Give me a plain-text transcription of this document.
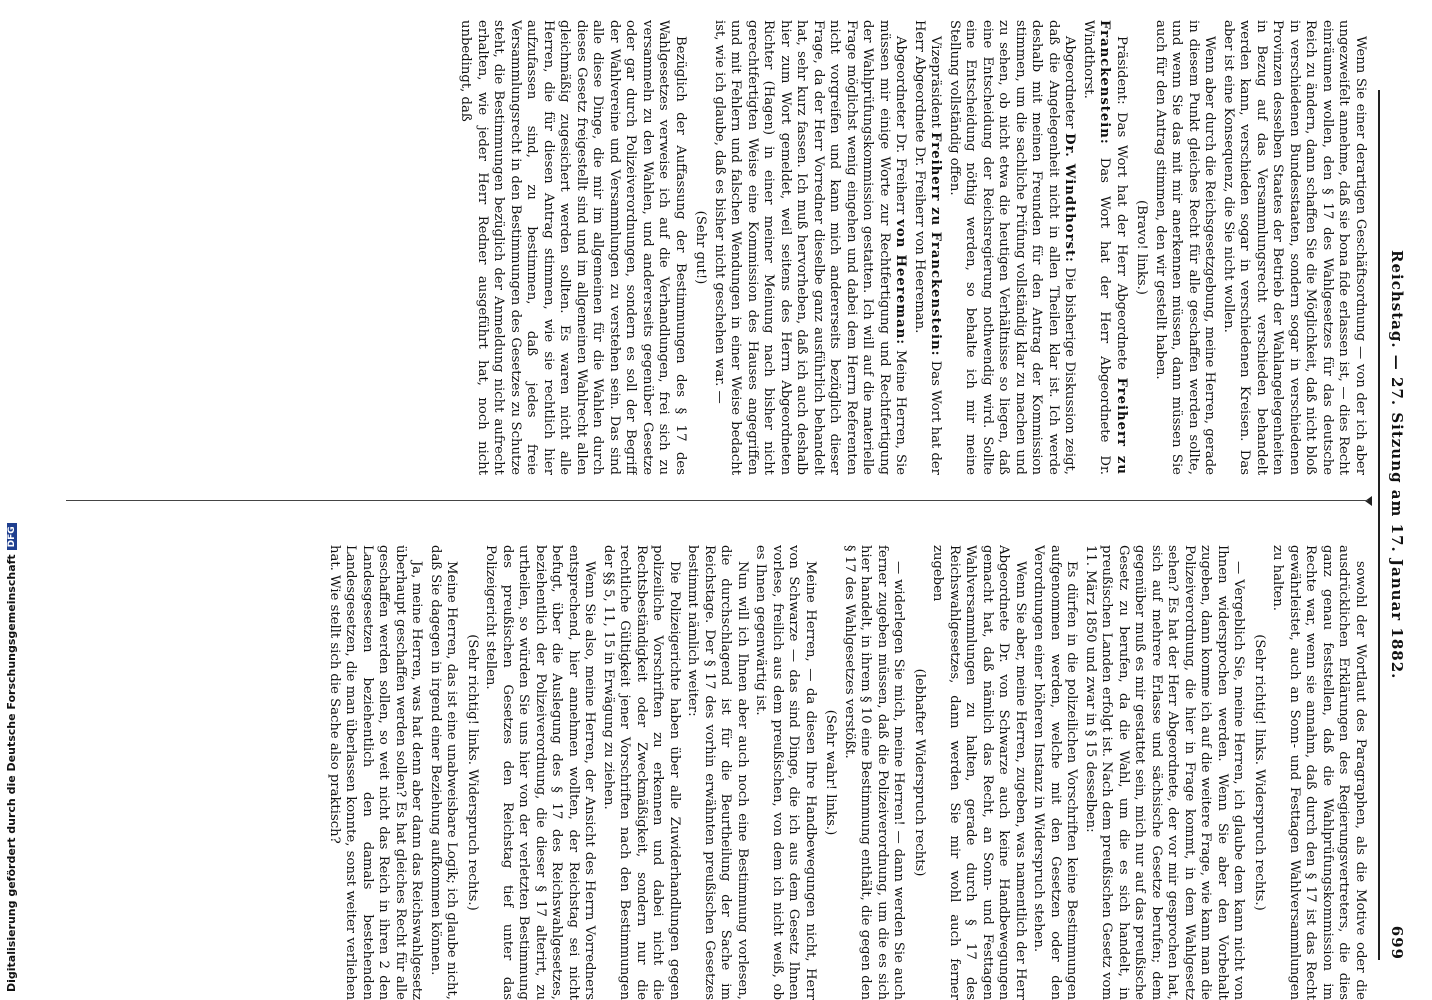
Reichstag. — 27. Sitzung am 17. Januar 1882.
699

Wenn Sie einer derartigen Geschäftsordnung — von der ich aber ungezweifelt annehme, daß sie bona fide erlassen ist, — dies Recht einräumen wollen, den § 17 des Wahlgesetzes für das deutsche Reich zu ändern, dann schaffen Sie die Möglichkeit, daß nicht bloß in verschiedenen Bundesstaaten, sondern sogar in verschiedenen Provinzen desselben Staates der Betrieb der Wahlangelegenheiten in Bezug auf das Versammlungsrecht verschieden behandelt werden kann, verschieden sogar in verschiedenen Kreisen. Das aber ist eine Konsequenz, die Sie nicht wollen.

Wenn aber durch die Reichsgesetzgebung, meine Herren, gerade in diesem Punkt gleiches Recht für alle geschaffen werden sollte, und wenn Sie das mit mir anerkennen müssen, dann müssen Sie auch für den Antrag stimmen, den wir gestellt haben.

(Bravo! links.)

Präsident: Das Wort hat der Herr Abgeordnete Freiherr zu Franckenstein: Das Wort hat der Herr Abgeordnete Dr. Windthorst.

Abgeordneter Dr. Windthorst: Die bisherige Diskussion zeigt, daß die Angelegenheit nicht in allen Theilen klar ist. Ich werde deshalb mit meinen Freunden für den Antrag der Kommission stimmen, um die sachliche Prüfung vollständig klar zu machen und zu sehen, ob nicht etwa die heutigen Verhältnisse so liegen, daß eine Entscheidung der Reichsregierung nothwendig wird. Sollte eine Entscheidung nöthig werden, so behalte ich mir meine Stellung vollständig offen.

Vizepräsident Freiherr zu Franckenstein: Das Wort hat der Herr Abgeordnete Dr. Freiherr von Heereman.

Abgeordneter Dr. Freiherr von Heereman: Meine Herren, Sie müssen mir einige Worte zur Rechtfertigung und Rechtfertigung der Wahlprüfungskommission gestatten. Ich will auf die materielle Frage möglichst wenig eingehen und dabei dem Herrn Referenten nicht vorgreifen und kann mich andererseits bezüglich dieser Frage, da der Herr Vorredner dieselbe ganz ausführlich behandelt hat, sehr kurz fassen. Ich muß hervorheben, daß ich auch deshalb hier zum Wort gemeldet, weil seitens des Herrn Abgeordneten Richter (Hagen) in einer meiner Meinung nach bisher nicht gerechtfertigten Weise eine Kommission des Hauses angegriffen und mit Fehlern und falschen Wendungen in einer Weise bedacht ist, wie ich glaube, daß es bisher nicht geschehen war. —

(Sehr gut!)

Bezüglich der Auffassung der Bestimmungen des § 17 des Wahlgesetzes verweise ich auf die Verhandlungen, frei sich zu versammeln zu den Wahlen, und andererseits gegenüber Gesetze oder gar durch Polizeiverordnungen, sondern es soll der Begriff der Wahlvereine und Versammlungen zu verstehen sein. Das sind alle diese Dinge, die mir im allgemeinen für die Wahlen durch dieses Gesetz freigestellt sind und im allgemeinen Wahlrecht allen gleichmäßig zugesichert werden sollten. Es waren nicht alle Herren, die für diesen Antrag stimmen, wie sie rechtlich hier aufzufassen sind, zu bestimmen, daß jedes freie Versammlungsrecht in den Bestimmungen des Gesetzes zu Schutze steht, die Bestimmungen bezüglich der Anmeldung nicht aufrecht erhalten, wie jeder Herr Redner ausgeführt hat, noch nicht unbedingt, daß

sowohl der Wortlaut des Paragraphen, als die Motive oder die ausdrücklichen Erklärungen des Regierungsvertreters, die dies ganz genau feststellen, daß die Wahlprüfungskommission im Rechte war, wenn sie annahm, daß durch den § 17 ist das Recht gewährleistet, auch an Sonn- und Festtagen Wahlversammlungen zu halten.

(Sehr richtig! links. Widerspruch rechts.)

— Vergeblich Sie, meine Herren, ich glaube dem kann nicht von Ihnen widersprochen werden. Wenn Sie aber den Vorbehalt zugeben, dann komme ich auf die weitere Frage, wie kann man die Polizeiverordnung, die hier in Frage kommt, in dem Wahlgesetz sehen? Es hat der Herr Abgeordnete, der vor mir gesprochen hat, sich auf mehrere Erlasse und sächsische Gesetze berufen; dem gegenüber muß es mir gestattet sein, mich nur auf das preußische Gesetz zu berufen, da die Wahl, um die es sich handelt, in preußischen Landen erfolgt ist. Nach dem preußischen Gesetz vom 11. März 1850 und zwar in § 15 desselben:

Es dürfen in die polizeilichen Vorschriften keine Bestimmungen aufgenommen werden, welche mit den Gesetzen oder den Verordnungen einer höheren Instanz in Widerspruch stehen.

Wenn Sie aber, meine Herren, zugeben, was namentlich der Herr Abgeordnete Dr. von Schwarze auch keine Handbewegungen gemacht hat, daß nämlich das Recht, an Sonn- und Festtagen Wahlversammlungen zu halten, gerade durch § 17 des Reichswahlgesetzes, dann werden Sie mir wohl auch ferner zugeben

(lebhafter Widerspruch rechts)

— widerlegen Sie mich, meine Herren! — dann werden Sie auch ferner zugeben müssen, daß die Polizeiverordnung, um die es sich hier handelt, in ihrem § 10 eine Bestimmung enthält, die gegen den § 17 des Wahlgesetzes verstößt.

(Sehr wahr! links.)

Meine Herren, — da diesen Ihre Handbewegungen nicht, Herr von Schwarze — das sind Dinge, die ich aus dem Gesetz Ihnen vorlese, freilich aus dem preußischen, von dem ich nicht weiß, ob es Ihnen gegenwärtig ist.

Nun will ich Ihnen aber auch noch eine Bestimmung vorlesen, die durchschlagend ist für die Beurtheilung der Sache im Reichstage. Der § 17 des vorhin erwähnten preußischen Gesetzes bestimmt nämlich weiter:

Die Polizeigerichte haben über alle Zuwiderhandlungen gegen polizeiliche Vorschriften zu erkennen und dabei nicht die Rechtsbeständigkeit oder Zweckmäßigkeit, sondern nur die rechtliche Gültigkeit jener Vorschriften nach den Bestimmungen der §§ 5, 11, 15 in Erwägung zu ziehen.

Wenn Sie also, meine Herren, der Ansicht des Herrn Vorredners entsprechend, hier annehmen wollten, der Reichstag sei nicht befugt, über die Auslegung des § 17 des Reichswahlgesetzes, beziehentlich der Polizeiverordnung, die dieser § 17 alterirt, zu urtheilen, so würden Sie uns hier von der verletzten Bestimmung des preußischen Gesetzes den Reichstag tief unter das Polizeigericht stellen.

(Sehr richtig! links. Widerspruch rechts.)

Meine Herren, das ist eine unabweisbare Logik; ich glaube nicht, daß Sie dagegen in irgend einer Beziehung aufkommen können.

Ja, meine Herren, was hat denn aber dann das Reichswahlgesetz überhaupt geschaffen werden sollen? Es hat gleiches Recht für alle geschaffen werden sollen, so weit nicht das Reich in ihren 2 den Landesgesetzen beziehentlich den damals bestehenden Landesgesetzen, die man überlassen konnte, sonst weiter verliehen hat. Wie stellt sich die Sache also praktisch?

Digitalisierung gefördert durch die Deutsche ForschungsgemeinschaftDFG
